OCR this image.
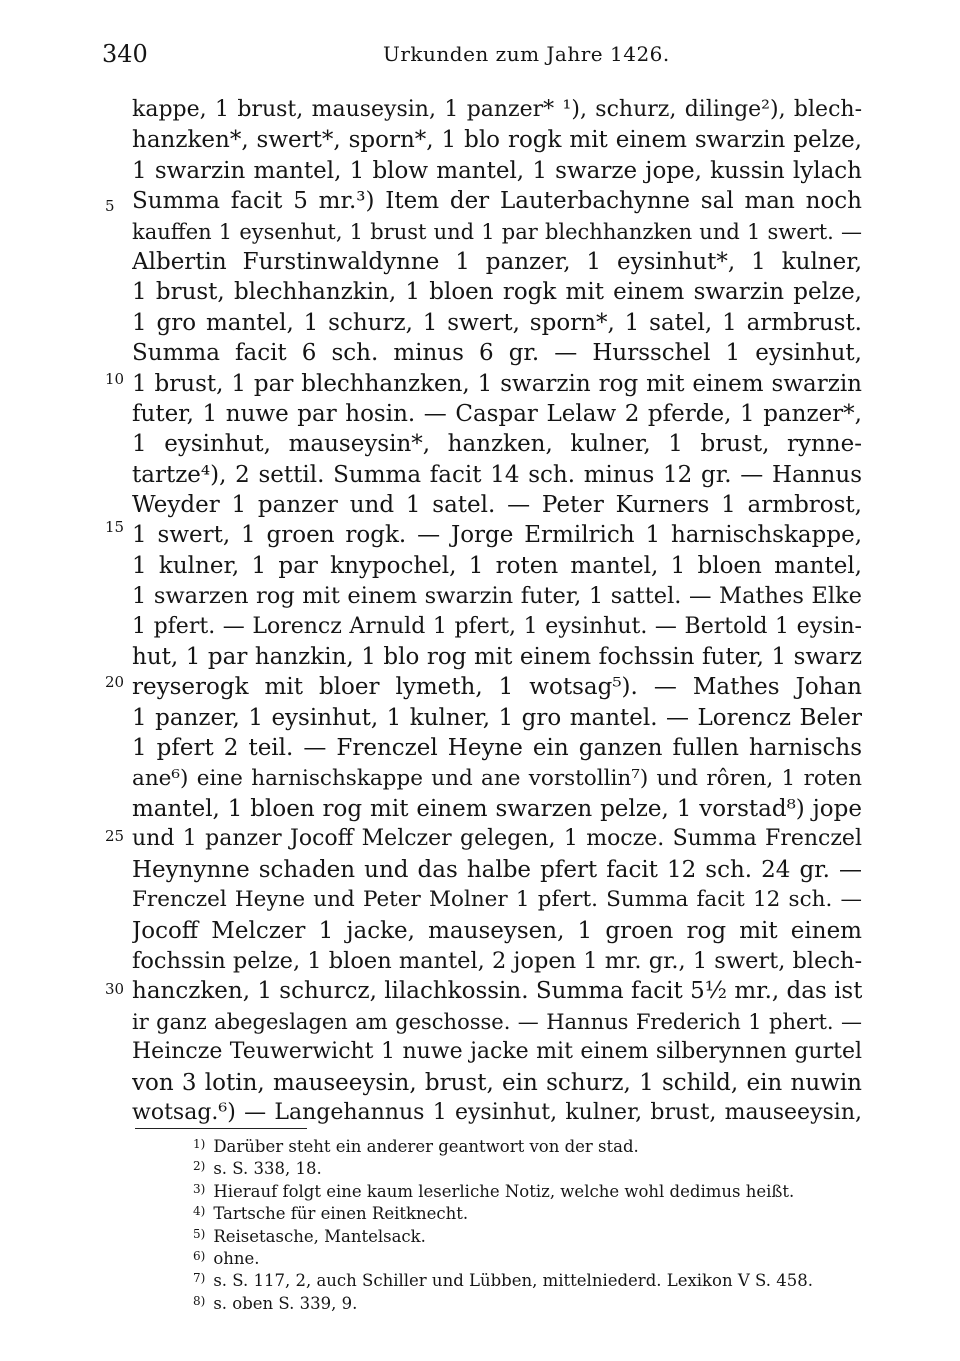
340	Urkunden zum Jahre 1426.
5
10
15
20
25
30
kappe, 1 brust, mauseysin, 1 panzer* ¹), schurz, dilinge²), blech-
hanzken*, swert*, sporn*, 1 blo rogk mit einem swarzin pelze,
1 swarzin mantel, 1 blow mantel, 1 swarze jope, kussin lylach
Summa facit 5 mr.³) Item der Lauterbachynne sal man noch
kauffen 1 eysenhut, 1 brust und 1 par blechhanzken und 1 swert. —
Albertin Furstinwaldynne 1 panzer, 1 eysinhut*, 1 kulner,
1 brust, blechhanzkin, 1 bloen rogk mit einem swarzin pelze,
1 gro mantel, 1 schurz, 1 swert, sporn*, 1 satel, 1 armbrust.
Summa facit 6 sch. minus 6 gr. — Hursschel 1 eysinhut,
1 brust, 1 par blechhanzken, 1 swarzin rog mit einem swarzin
futer, 1 nuwe par hosin. — Caspar Lelaw 2 pferde, 1 panzer*,
1 eysinhut, mauseysin*, hanzken, kulner, 1 brust, rynne-
tartze⁴), 2 settil. Summa facit 14 sch. minus 12 gr. — Hannus
Weyder 1 panzer und 1 satel. — Peter Kurners 1 armbrost,
1 swert, 1 groen rogk. — Jorge Ermilrich 1 harnischskappe,
1 kulner, 1 par knypochel, 1 roten mantel, 1 bloen mantel,
1 swarzen rog mit einem swarzin futer, 1 sattel. — Mathes Elke
1 pfert. — Lorencz Arnuld 1 pfert, 1 eysinhut. — Bertold 1 eysin-
hut, 1 par hanzkin, 1 blo rog mit einem fochssin futer, 1 swarz
reyserogk mit bloer lymeth, 1 wotsag⁵). — Mathes Johan
1 panzer, 1 eysinhut, 1 kulner, 1 gro mantel. — Lorencz Beler
1 pfert 2 teil. — Frenczel Heyne ein ganzen fullen harnischs
ane⁶) eine harnischskappe und ane vorstollin⁷) und rôren, 1 roten
mantel, 1 bloen rog mit einem swarzen pelze, 1 vorstad⁸) jope
und 1 panzer Jocoff Melczer gelegen, 1 mocze. Summa Frenczel
Heynynne schaden und das halbe pfert facit 12 sch. 24 gr. —
Frenczel Heyne und Peter Molner 1 pfert. Summa facit 12 sch. —
Jocoff Melczer 1 jacke, mauseysen, 1 groen rog mit einem
fochssin pelze, 1 bloen mantel, 2 jopen 1 mr. gr., 1 swert, blech-
hanczken, 1 schurcz, lilachkossin. Summa facit 5½ mr., das ist
ir ganz abegeslagen am geschosse. — Hannus Frederich 1 phert. —
Heincze Teuwerwicht 1 nuwe jacke mit einem silberynnen gurtel
von 3 lotin, mauseeysin, brust, ein schurz, 1 schild, ein nuwin
wotsag.⁶) — Langehannus 1 eysinhut, kulner, brust, mauseeysin,
$^{1)}$ Darüber steht ein anderer geantwort von der stad.
$^{2)}$ s. S. 338, 18.
$^{3)}$ Hierauf folgt eine kaum leserliche Notiz, welche wohl dedimus heißt.
$^{4)}$ Tartsche für einen Reitknecht.
$^{5)}$ Reisetasche, Mantelsack.
$^{6)}$ ohne.
$^{7)}$ s. S. 117, 2, auch Schiller und Lübben, mittelniederd. Lexikon V S. 458.
$^{8)}$ s. oben S. 339, 9.
